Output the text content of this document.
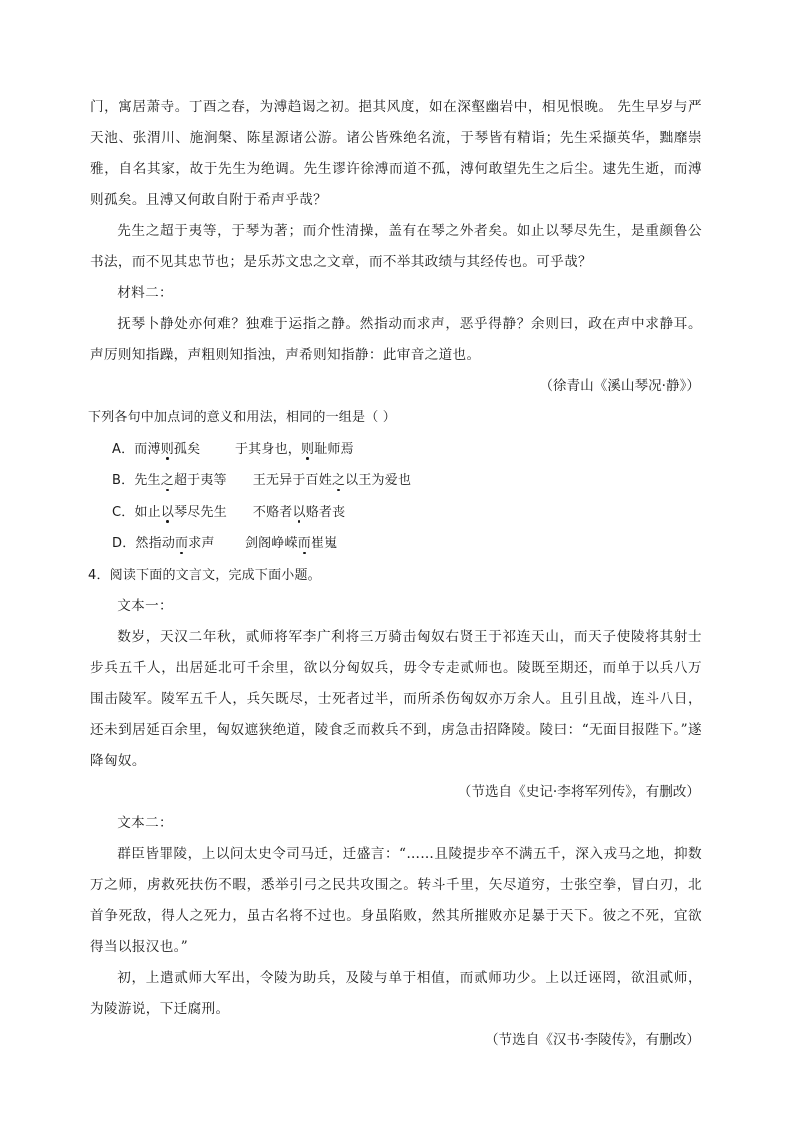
门，寓居萧寺。丁酉之春，为溥趋谒之初。挹其风度，如在深壑幽岩中，相见恨晚。 先生早岁与严天池、张渭川、施涧槃、陈星源诸公游。诸公皆殊绝名流，于琴皆有精诣；先生采撷英华，黜靡崇雅，自名其家，故于先生为绝调。先生谬许徐溥而道不孤，溥何敢望先生之后尘。逮先生逝，而溥则孤矣。且溥又何敢自附于希声乎哉？

先生之超于夷等，于琴为著；而介性清操，盖有在琴之外者矣。如止以琴尽先生，是重颜鲁公书法，而不见其忠节也；是乐苏文忠之文章，而不举其政绩与其经传也。可乎哉？

材料二：

抚琴卜静处亦何难？独难于运指之静。然指动而求声，恶乎得静？余则曰，政在声中求静耳。声厉则知指躁，声粗则知指浊，声希则知指静：此审音之道也。

（徐青山《溪山琴况·静》）

下列各句中加点词的意义和用法，相同的一组是（ ）

A．而溥则孤矣	于其身也，则耻师焉

B．先生之超于夷等 王无异于百姓之以王为爱也

C．如止以琴尽先生 不赂者以赂者丧

D．然指动而求声 剑阁峥嵘而崔嵬

4．阅读下面的文言文，完成下面小题。

文本一：

数岁，天汉二年秋，贰师将军李广利将三万骑击匈奴右贤王于祁连天山，而天子使陵将其射士步兵五千人，出居延北可千余里，欲以分匈奴兵，毋令专走贰师也。陵既至期还，而单于以兵八万围击陵军。陵军五千人，兵矢既尽，士死者过半，而所杀伤匈奴亦万余人。且引且战，连斗八日，还未到居延百余里，匈奴遮狭绝道，陵食乏而救兵不到，虏急击招降陵。陵曰：“无面目报陛下。”遂降匈奴。

（节选自《史记·李将军列传》，有删改）

文本二：

群臣皆罪陵，上以问太史令司马迁，迁盛言：“……且陵提步卒不满五千，深入戎马之地，抑数万之师，虏救死扶伤不暇，悉举引弓之民共攻围之。转斗千里，矢尽道穷，士张空拳，冒白刃，北首争死敌，得人之死力，虽古名将不过也。身虽陷败，然其所摧败亦足暴于天下。彼之不死，宜欲得当以报汉也。”

初，上遣贰师大军出，令陵为助兵，及陵与单于相值，而贰师功少。上以迁诬罔，欲沮贰师，为陵游说，下迁腐刑。

（节选自《汉书·李陵传》，有删改）
